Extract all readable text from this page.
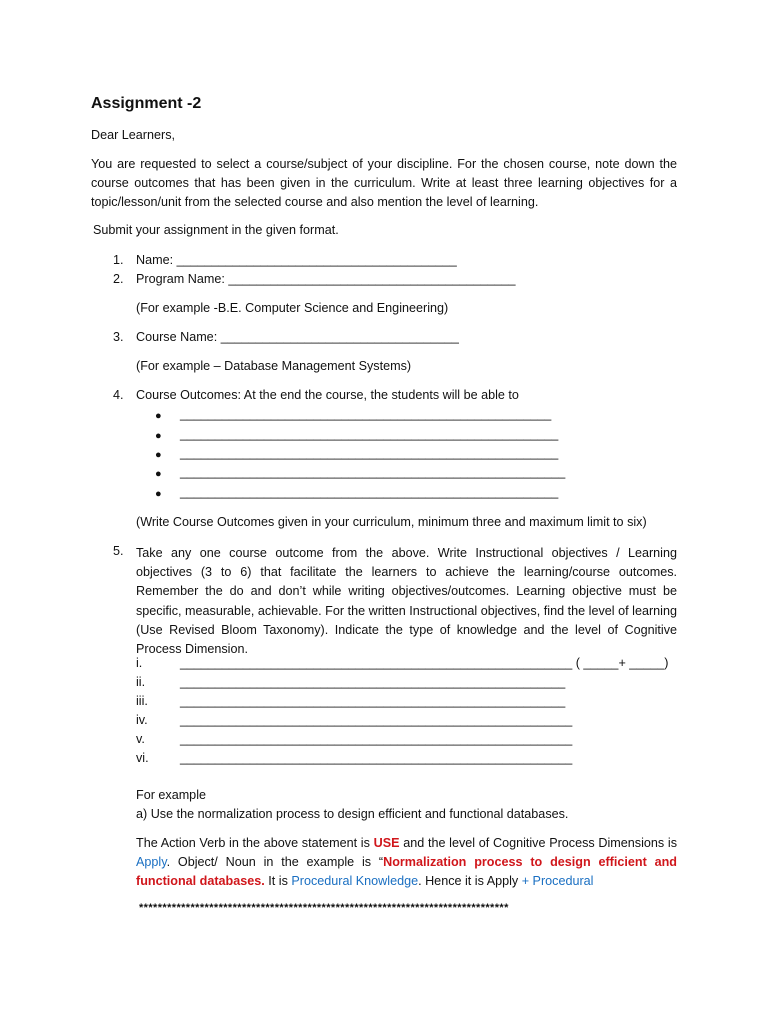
Assignment -2
Dear Learners,
You are requested to select a course/subject of your discipline. For the chosen course, note down the course outcomes that has been given in the curriculum. Write at least three learning objectives for a topic/lesson/unit from the selected course and also mention the level of learning.
Submit your assignment in the given format.
1. Name: ________________________________________
2. Program Name: _________________________________________
(For example -B.E. Computer Science and Engineering)
3. Course Name: __________________________________
(For example – Database Management Systems)
4. Course Outcomes: At the end the course, the students will be able to
● _____________________________________________________
● ______________________________________________________
● ______________________________________________________
● _______________________________________________________
● ______________________________________________________
(Write Course Outcomes given in your curriculum, minimum three and maximum limit to six)
5. Take any one course outcome from the above. Write Instructional objectives / Learning objectives (3 to 6) that facilitate the learners to achieve the learning/course outcomes. Remember the do and don’t while writing objectives/outcomes. Learning objective must be specific, measurable, achievable. For the written Instructional objectives, find the level of learning (Use Revised Bloom Taxonomy). Indicate the type of knowledge and the level of Cognitive Process Dimension.
i.	________________________________________________________ ( _____+ _____)
ii.	_______________________________________________________
iii.	_______________________________________________________
iv.	________________________________________________________
v.	________________________________________________________
vi. ________________________________________________________
For example
a) Use the normalization process to design efficient and functional databases.
The Action Verb in the above statement is USE and the level of Cognitive Process Dimensions is Apply. Object/ Noun in the example is “Normalization process to design efficient and functional databases. It is Procedural Knowledge. Hence it is Apply + Procedural
*******************************************************************************
